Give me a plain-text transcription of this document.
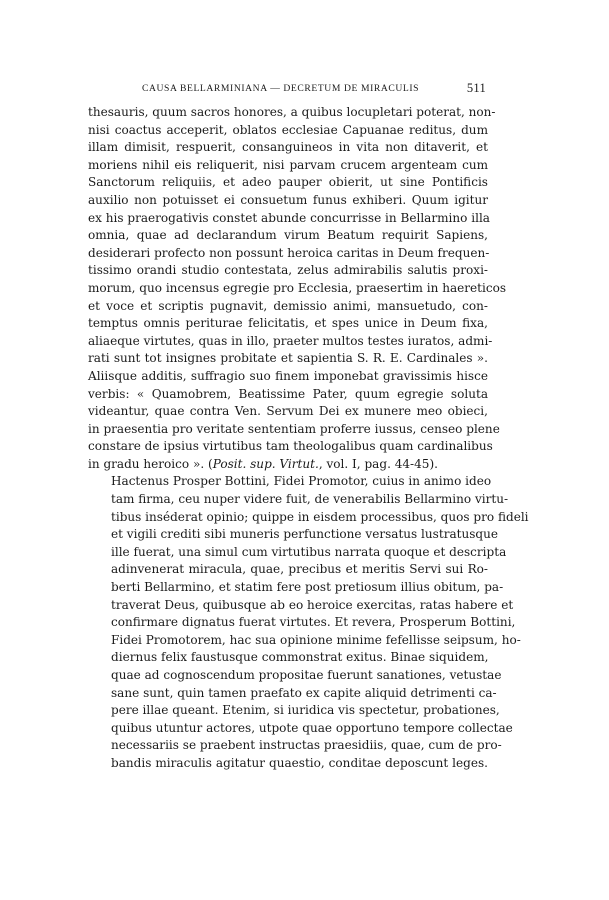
CAUSA BELLARMINIANA — DECRETUM DE MIRACULIS	511

thesauris, quum sacros honores, a quibus locupletari poterat, non-
nisi coactus acceperit, oblatos ecclesiae Capuanae reditus, dum
illam dimisit, respuerit, consanguineos in vita non ditaverit, et
moriens nihil eis reliquerit, nisi parvam crucem argenteam cum
Sanctorum reliquiis, et adeo pauper obierit, ut sine Pontificis
auxilio non potuisset ei consuetum funus exhiberi. Quum igitur
ex his praerogativis constet abunde concurrisse in Bellarmino illa
omnia, quae ad declarandum virum Beatum requirit Sapiens,
desiderari profecto non possunt heroica caritas in Deum frequen-
tissimo orandi studio contestata, zelus admirabilis salutis proxi-
morum, quo incensus egregie pro Ecclesia, praesertim in haereticos
et voce et scriptis pugnavit, demissio animi, mansuetudo, con-
temptus omnis periturae felicitatis, et spes unice in Deum fixa,
aliaeque virtutes, quas in illo, praeter multos testes iuratos, admi-
rati sunt tot insignes probitate et sapientia S. R. E. Cardinales ».
Aliisque additis, suffragio suo finem imponebat gravissimis hisce
verbis: « Quamobrem, Beatissime Pater, quum egregie soluta
videantur, quae contra Ven. Servum Dei ex munere meo obieci,
in praesentia pro veritate sententiam proferre iussus, censeo plene
constare de ipsius virtutibus tam theologalibus quam cardinalibus
in gradu heroico ». (Posit. sup. Virtut., vol. I, pag. 44-45).

Hactenus Prosper Bottini, Fidei Promotor, cuius in animo ideo
tam firma, ceu nuper videre fuit, de venerabilis Bellarmino virtu-
tibus inséderat opinio; quippe in eisdem processibus, quos pro fideli
et vigili crediti sibi muneris perfunctione versatus lustratusque
ille fuerat, una simul cum virtutibus narrata quoque et descripta
adinvenerat miracula, quae, precibus et meritis Servi sui Ro-
berti Bellarmino, et statim fere post pretiosum illius obitum, pa-
traverat Deus, quibusque ab eo heroice exercitas, ratas habere et
confirmare dignatus fuerat virtutes. Et revera, Prosperum Bottini,
Fidei Promotorem, hac sua opinione minime fefellisse seipsum, ho-
diernus felix faustusque commonstrat exitus. Binae siquidem,
quae ad cognoscendum propositae fuerunt sanationes, vetustae
sane sunt, quin tamen praefato ex capite aliquid detrimenti ca-
pere illae queant. Etenim, si iuridica vis spectetur, probationes,
quibus utuntur actores, utpote quae opportuno tempore collectae
necessariis se praebent instructas praesidiis, quae, cum de pro-
bandis miraculis agitatur quaestio, conditae deposcunt leges.
